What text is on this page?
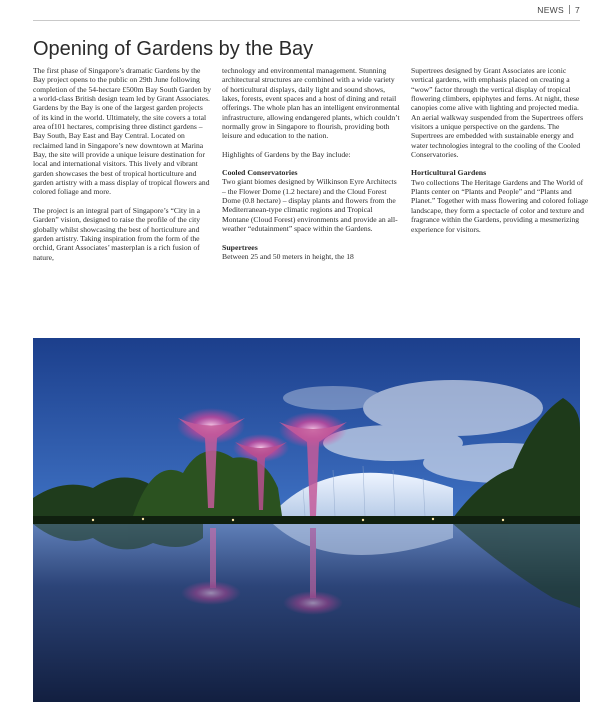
NEWS 7
Opening of Gardens by the Bay

The first phase of Singapore’s dramatic Gardens by the Bay project opens to the public on 29th June following completion of the 54-hectare £500m Bay South Garden by a world-class British design team led by Grant Associates. Gardens by the Bay is one of the largest garden projects of its kind in the world. Ultimately, the site covers a total area of101 hectares, comprising three distinct gardens – Bay South, Bay East and Bay Central. Located on reclaimed land in Singapore’s new downtown at Marina Bay, the site will provide a unique leisure destination for local and international visitors. This lively and vibrant garden showcases the best of tropical horticulture and garden artistry with a mass display of tropical flowers and colored foliage and more.

The project is an integral part of Singapore’s “City in a Garden” vision, designed to raise the profile of the city globally whilst showcasing the best of horticulture and garden artistry. Taking inspiration from the form of the orchid, Grant Associates’ masterplan is a rich fusion of nature,

technology and environmental management. Stunning architectural structures are combined with a wide variety of horticultural displays, daily light and sound shows, lakes, forests, event spaces and a host of dining and retail offerings. The whole plan has an intelligent environmental infrastructure, allowing endangered plants, which couldn’t normally grow in Singapore to flourish, providing both leisure and education to the nation.

Highlights of Gardens by the Bay include:

Cooled Conservatories

Two giant biomes designed by Wilkinson Eyre Architects – the Flower Dome (1.2 hectare) and the Cloud Forest Dome (0.8 hectare) – display plants and flowers from the Mediterranean-type climatic regions and Tropical Montane (Cloud Forest) environments and provide an all-weather “edutainment” space within the Gardens.

Supertrees

Between 25 and 50 meters in height, the 18

Supertrees designed by Grant Associates are iconic vertical gardens, with emphasis placed on creating a “wow” factor through the vertical display of tropical flowering climbers, epiphytes and ferns. At night, these canopies come alive with lighting and projected media. An aerial walkway suspended from the Supertrees offers visitors a unique perspective on the gardens. The Supertrees are embedded with sustainable energy and water technologies integral to the cooling of the Cooled Conservatories.

Horticultural Gardens

Two collections The Heritage Gardens and The World of Plants center on “Plants and People” and “Plants and Planet.” Together with mass flowering and colored foliage landscape, they form a spectacle of color and texture and fragrance within the Gardens, providing a mesmerizing experience for visitors.
